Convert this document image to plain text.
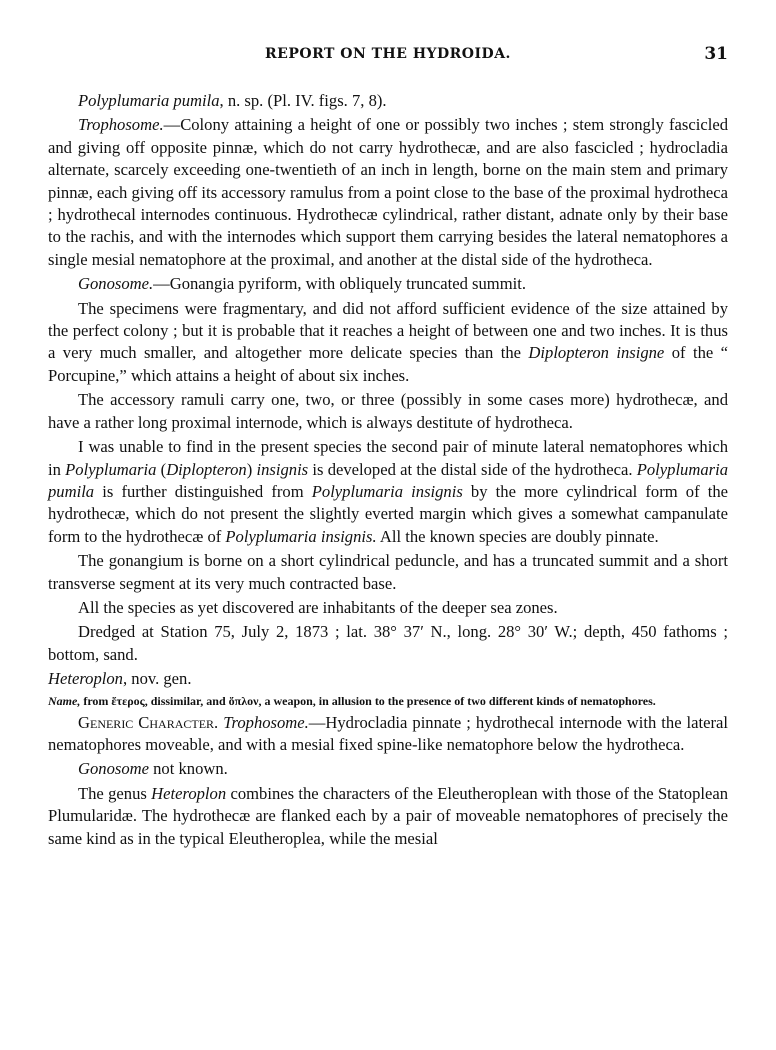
REPORT ON THE HYDROIDA.	31

Polyplumaria pumila, n. sp. (Pl. IV. figs. 7, 8).

Trophosome.—Colony attaining a height of one or possibly two inches ; stem strongly fascicled and giving off opposite pinnæ, which do not carry hydrothecæ, and are also fascicled ; hydrocladia alternate, scarcely exceeding one-twentieth of an inch in length, borne on the main stem and primary pinnæ, each giving off its accessory ramulus from a point close to the base of the proximal hydrotheca ; hydrothecal internodes continuous. Hydrothecæ cylindrical, rather distant, adnate only by their base to the rachis, and with the internodes which support them carrying besides the lateral nematophores a single mesial nematophore at the proximal, and another at the distal side of the hydrotheca.

Gonosome.—Gonangia pyriform, with obliquely truncated summit.

The specimens were fragmentary, and did not afford sufficient evidence of the size attained by the perfect colony ; but it is probable that it reaches a height of between one and two inches. It is thus a very much smaller, and altogether more delicate species than the Diplopteron insigne of the “ Porcupine,” which attains a height of about six inches.

The accessory ramuli carry one, two, or three (possibly in some cases more) hydrothecæ, and have a rather long proximal internode, which is always destitute of hydrotheca.

I was unable to find in the present species the second pair of minute lateral nematophores which in Polyplumaria (Diplopteron) insignis is developed at the distal side of the hydrotheca. Polyplumaria pumila is further distinguished from Polyplumaria insignis by the more cylindrical form of the hydrothecæ, which do not present the slightly everted margin which gives a somewhat campanulate form to the hydrothecæ of Polyplumaria insignis. All the known species are doubly pinnate.

The gonangium is borne on a short cylindrical peduncle, and has a truncated summit and a short transverse segment at its very much contracted base.

All the species as yet discovered are inhabitants of the deeper sea zones.

Dredged at Station 75, July 2, 1873 ; lat. 38° 37′ N., long. 28° 30′ W.; depth, 450 fathoms ; bottom, sand.

Heteroplon, nov. gen.

Name, from ἕτερος, dissimilar, and ὅπλον, a weapon, in allusion to the presence of two different kinds of nematophores.

Generic Character. Trophosome.—Hydrocladia pinnate ; hydrothecal internode with the lateral nematophores moveable, and with a mesial fixed spine-like nematophore below the hydrotheca.

Gonosome not known.

The genus Heteroplon combines the characters of the Eleutheroplean with those of the Statoplean Plumularidæ. The hydrothecæ are flanked each by a pair of moveable nematophores of precisely the same kind as in the typical Eleutheroplea, while the mesial
